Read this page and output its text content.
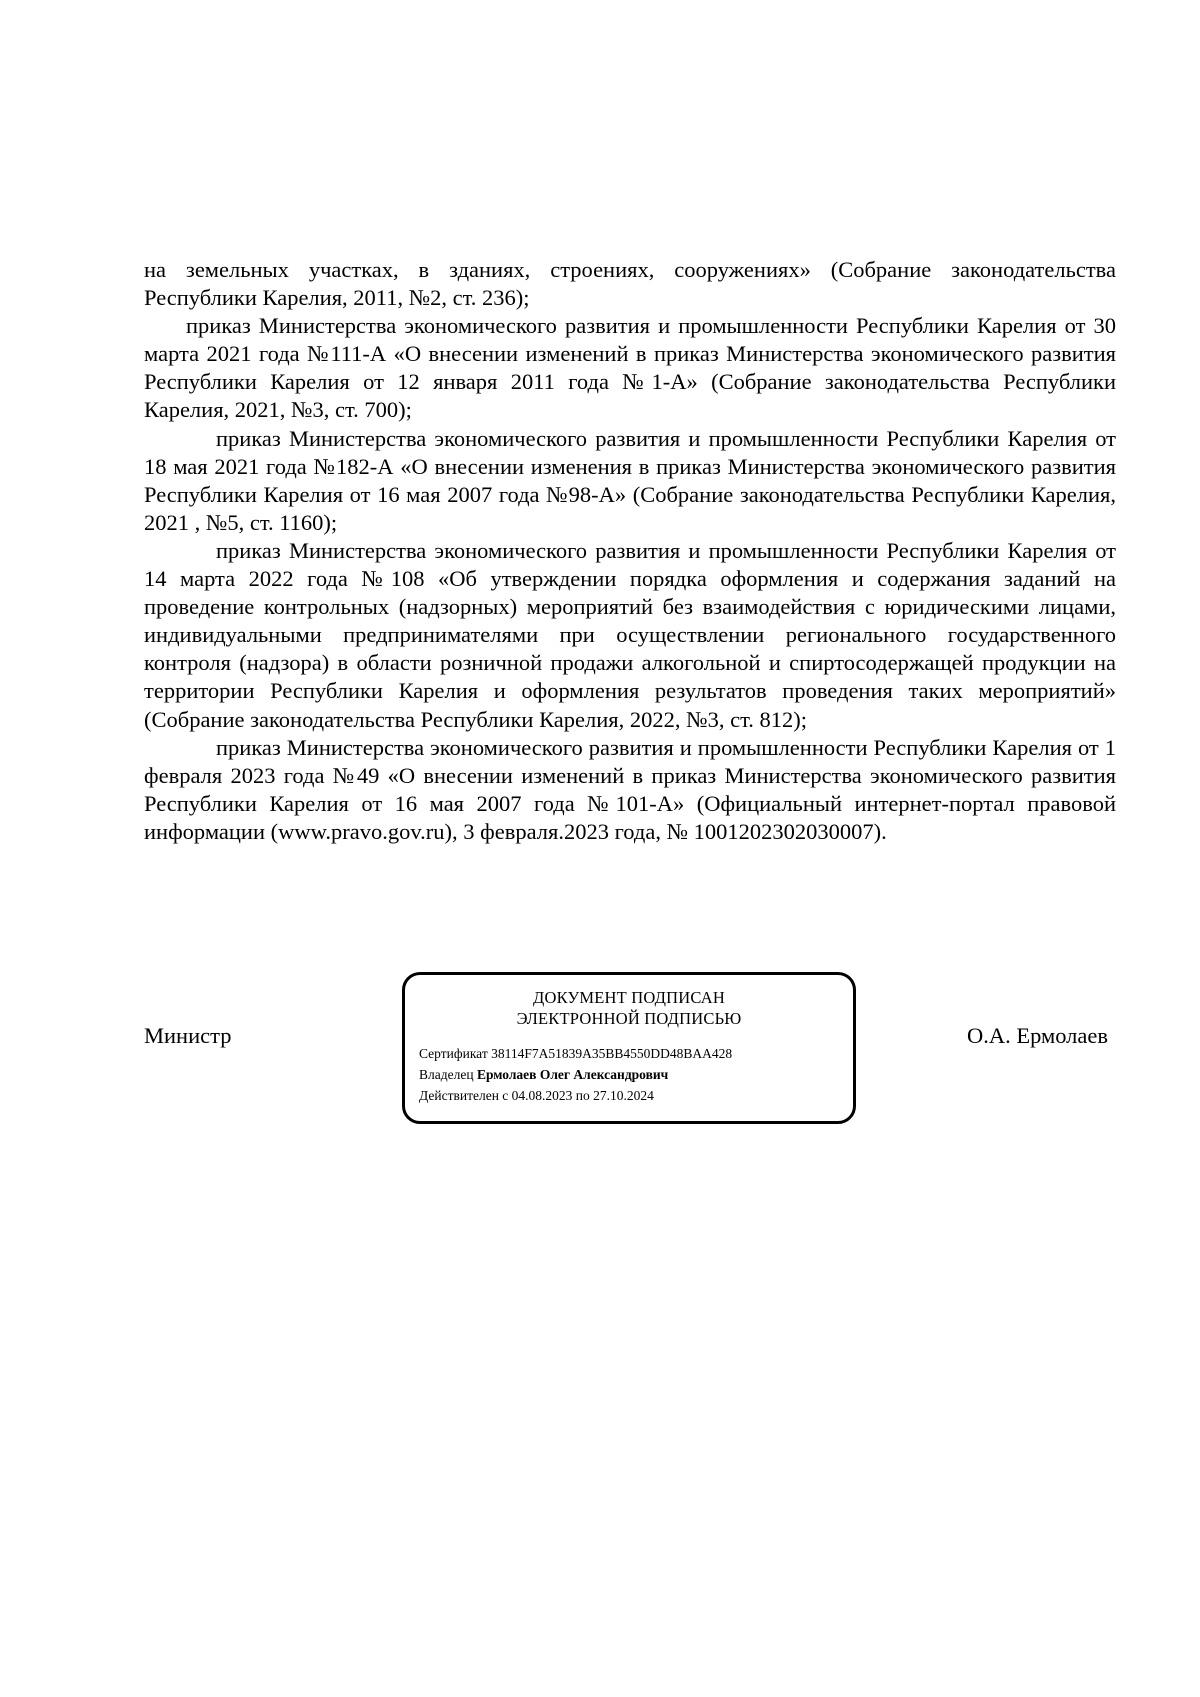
на земельных участках, в зданиях, строениях, сооружениях» (Собрание законодательства Республики Карелия, 2011, №2, ст. 236);

приказ Министерства экономического развития и промышленности Республики Карелия от 30 марта 2021 года №111-А «О внесении изменений в приказ Министерства экономического развития Республики Карелия от 12 января 2011 года №1-А» (Собрание законодательства Республики Карелия, 2021, №3, ст. 700);

приказ Министерства экономического развития и промышленности Республики Карелия от 18 мая 2021 года №182-А «О внесении изменения в приказ Министерства экономического развития Республики Карелия от 16 мая 2007 года №98-А» (Собрание законодательства Республики Карелия, 2021 , №5, ст. 1160);

приказ Министерства экономического развития и промышленности Республики Карелия от 14 марта 2022 года №108 «Об утверждении порядка оформления и содержания заданий на проведение контрольных (надзорных) мероприятий без взаимодействия с юридическими лицами, индивидуальными предпринимателями при осуществлении регионального государственного контроля (надзора) в области розничной продажи алкогольной и спиртосодержащей продукции на территории Республики Карелия и оформления результатов проведения таких мероприятий» (Собрание законодательства Республики Карелия, 2022, №3, ст. 812);

приказ Министерства экономического развития и промышленности Республики Карелия от 1 февраля 2023 года №49 «О внесении изменений в приказ Министерства экономического развития Республики Карелия от 16 мая 2007 года №101-А» (Официальный интернет-портал правовой информации (www.pravo.gov.ru), 3 февраля.2023 года, № 1001202302030007).

Министр
ДОКУМЕНТ ПОДПИСАН
ЭЛЕКТРОННОЙ ПОДПИСЬЮ
Сертификат 38114F7A51839A35BB4550DD48BAA428
Владелец Ермолаев Олег Александрович
Действителен с 04.08.2023 по 27.10.2024
О.А. Ермолаев
